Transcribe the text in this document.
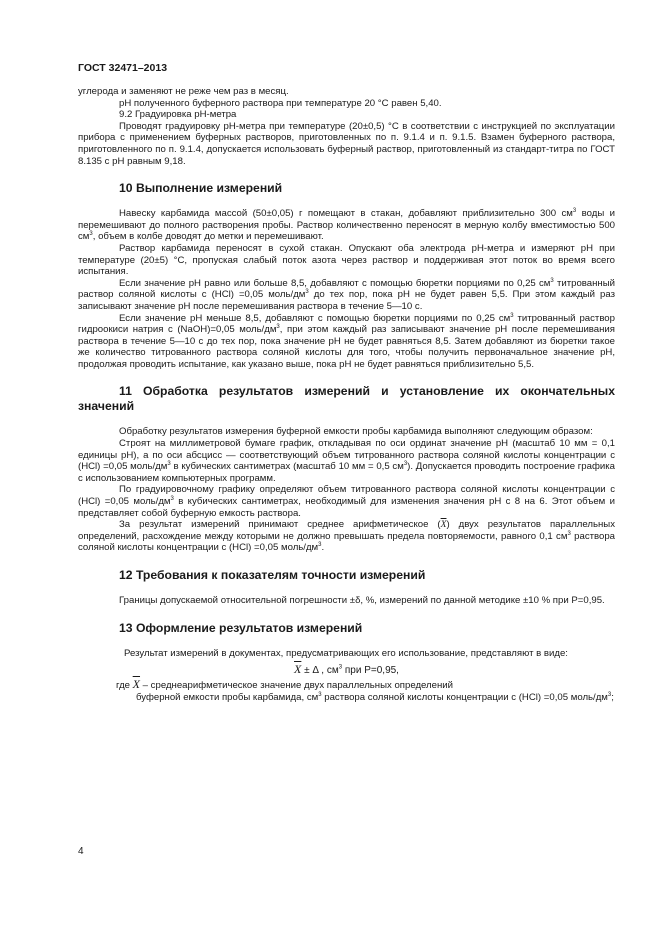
ГОСТ 32471–2013

углерода и заменяют не реже чем раз в месяц.

pH полученного буферного раствора при температуре 20 °С равен 5,40.

9.2 Градуировка pH-метра

Проводят градуировку pH-метра при температуре (20±0,5) °С в соответствии с инструкцией по эксплуатации прибора с применением буферных растворов, приготовленных по п. 9.1.4 и п. 9.1.5. Взамен буферного раствора, приготовленного по п. 9.1.4, допускается использовать буферный раствор, приготовленный из стандарт-титра по ГОСТ 8.135 с pH равным 9,18.

10 Выполнение измерений

Навеску карбамида массой (50±0,05) г помещают в стакан, добавляют приблизительно 300 $см^3$ воды и перемешивают до полного растворения пробы. Раствор количественно переносят в мерную колбу вместимостью 500 $см^3$, объем в колбе доводят до метки и перемешивают.

Раствор карбамида переносят в сухой стакан. Опускают оба электрода pH-метра и измеряют pH при температуре (20±5) °С, пропуская слабый поток азота через раствор и поддерживая этот поток во время всего испытания.

Если значение pH равно или больше 8,5, добавляют с помощью бюретки порциями по 0,25 $см^3$ титрованный раствор соляной кислоты c (HCl) =0,05 моль/$дм^3$ до тех пор, пока pH не будет равен 5,5. При этом каждый раз записывают значение pH после перемешивания раствора в течение 5—10 с.

Если значение pH меньше 8,5, добавляют с помощью бюретки порциями по 0,25 $см^3$ титрованный раствор гидроокиси натрия с (NaOH)=0,05 моль/$дм^3$, при этом каждый раз записывают значение pH после перемешивания раствора в течение 5—10 с до тех пор, пока значение pH не будет равняться 8,5. Затем добавляют из бюретки такое же количество титрованного раствора соляной кислоты для того, чтобы получить первоначальное значение pH, продолжая проводить испытание, как указано выше, пока pH не будет равняться приблизительно 5,5.

11 Обработка результатов измерений и установление их окончательных значений

Обработку результатов измерения буферной емкости пробы карбамида выполняют следующим образом:

Строят на миллиметровой бумаге график, откладывая по оси ординат значение pH (масштаб 10 мм = 0,1 единицы pH), а по оси абсцисс — соответствующий объем титрованного раствора соляной кислоты концентрации с (HCl) =0,05 моль/$дм^3$ в кубических сантиметрах (масштаб 10 мм = 0,5 $см^3$). Допускается проводить построение графика с использованием компьютерных программ.

По градуировочному графику определяют объем титрованного раствора соляной кислоты концентрации с (HCl) =0,05 моль/$дм^3$ в кубических сантиметрах, необходимый для изменения значения pH с 8 на 6. Этот объем и представляет собой буферную емкость раствора.

За результат измерений принимают среднее арифметическое $(\overline{X})$ двух результатов параллельных определений, расхождение между которыми не должно превышать предела повторяемости, равного 0,1 $см^3$ раствора соляной кислоты концентрации с (HCl) =0,05 моль/$дм^3$.

12 Требования к показателям точности измерений

Границы допускаемой относительной погрешности ±δ, %, измерений по данной методике ±10 % при P=0,95.

13 Оформление результатов измерений

Результат измерений в документах, предусматривающих его использование, представляют в виде:

$\overline{X} \pm \Delta$ , $см^3$ при P=0,95,

где $\overline{X}$ – среднеарифметическое значение двух параллельных определений

буферной емкости пробы карбамида, $см^3$ раствора соляной кислоты концентрации с (HCl) =0,05 моль/$дм^3$;

4
